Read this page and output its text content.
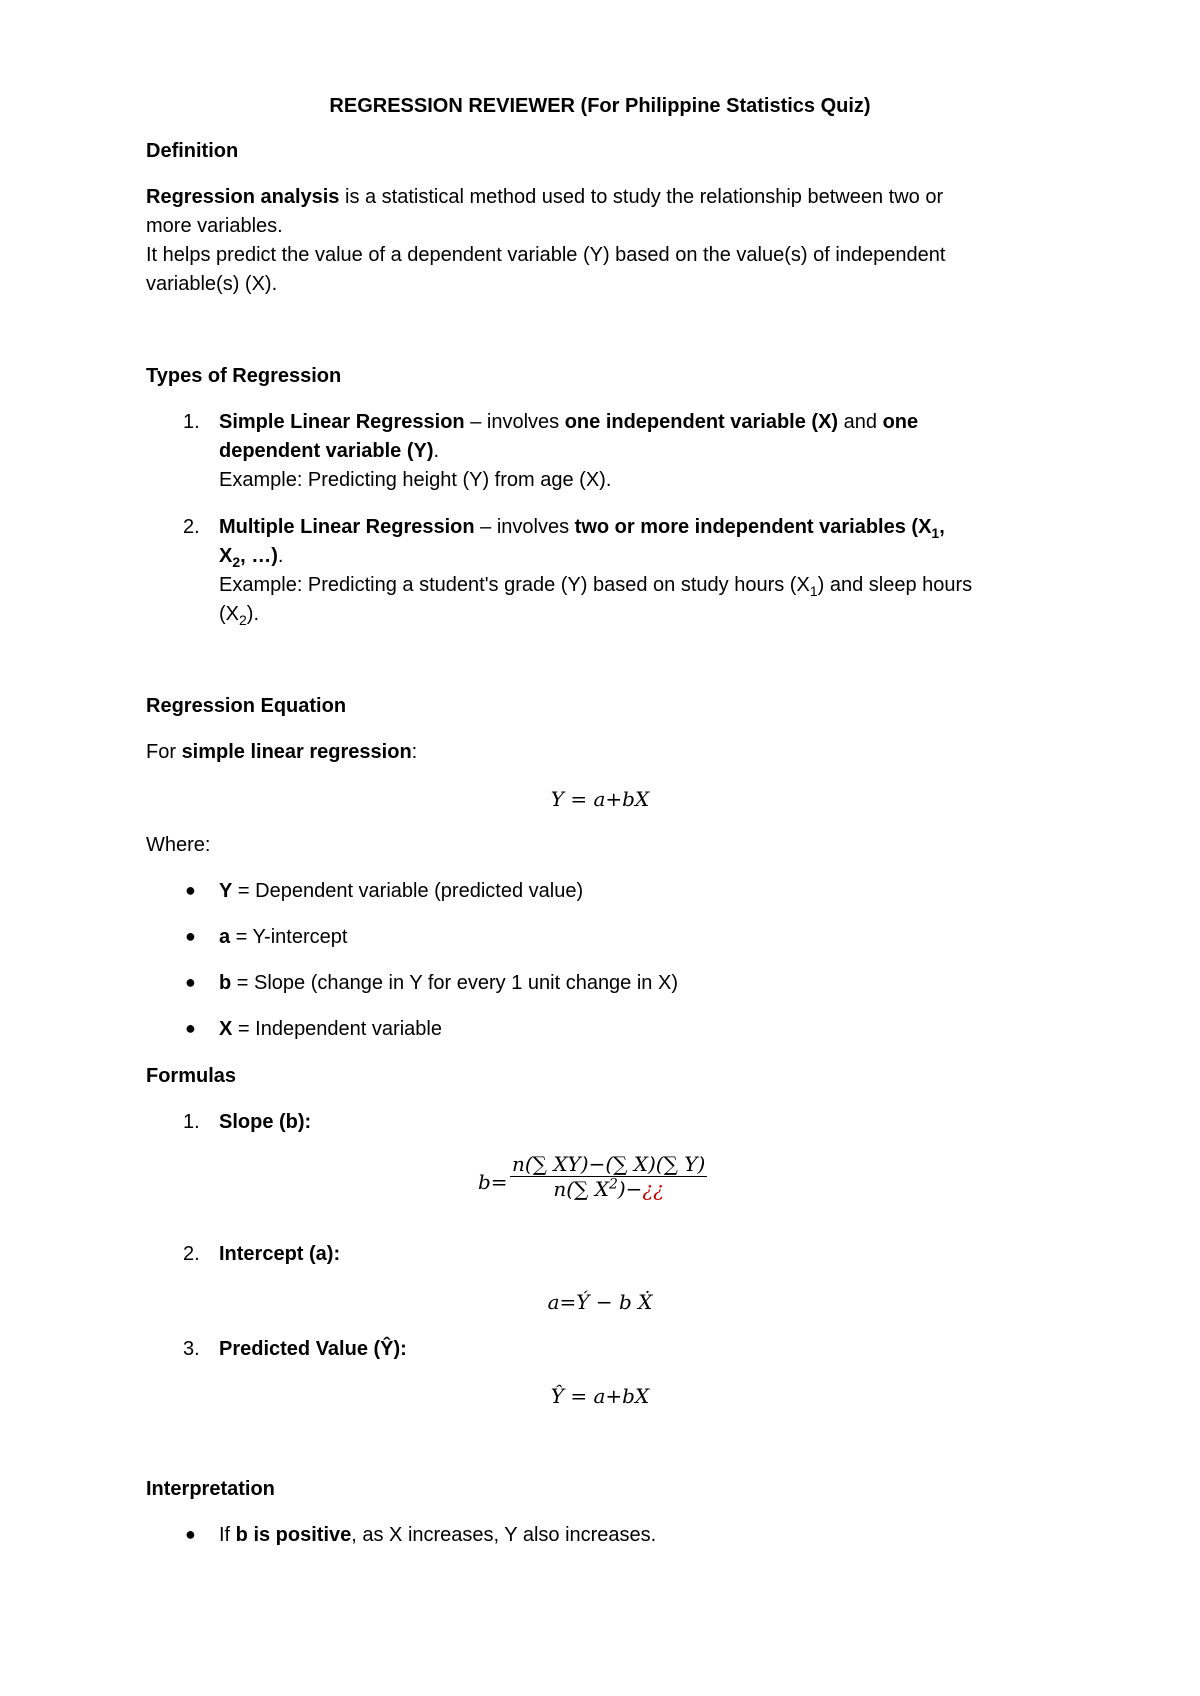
REGRESSION REVIEWER (For Philippine Statistics Quiz)
Definition
Regression analysis is a statistical method used to study the relationship between two or
more variables.
It helps predict the value of a dependent variable (Y) based on the value(s) of independent
variable(s) (X).
Types of Regression
1. Simple Linear Regression – involves one independent variable (X) and one
dependent variable (Y).
Example: Predicting height (Y) from age (X).
2. Multiple Linear Regression – involves two or more independent variables ($X_1$,
$X_2$, …).
Example: Predicting a student's grade (Y) based on study hours $(X_1)$ and sleep hours
$(X_2)$.
Regression Equation
For simple linear regression:
Y = a+bX
Where:
● Y = Dependent variable (predicted value)
● a = Y-intercept
● b = Slope (change in Y for every 1 unit change in X)
● X = Independent variable
Formulas
1. Slope (b):
$b= \frac{n(\sum XY)-(\sum X)(\sum Y)}{n(\sum X^2)-¿¿}$
2. Intercept (a):
a=Ý − b Ẋ
3. Predicted Value (Ŷ):
Ŷ = a+bX
Interpretation
● If b is positive, as X increases, Y also increases.
